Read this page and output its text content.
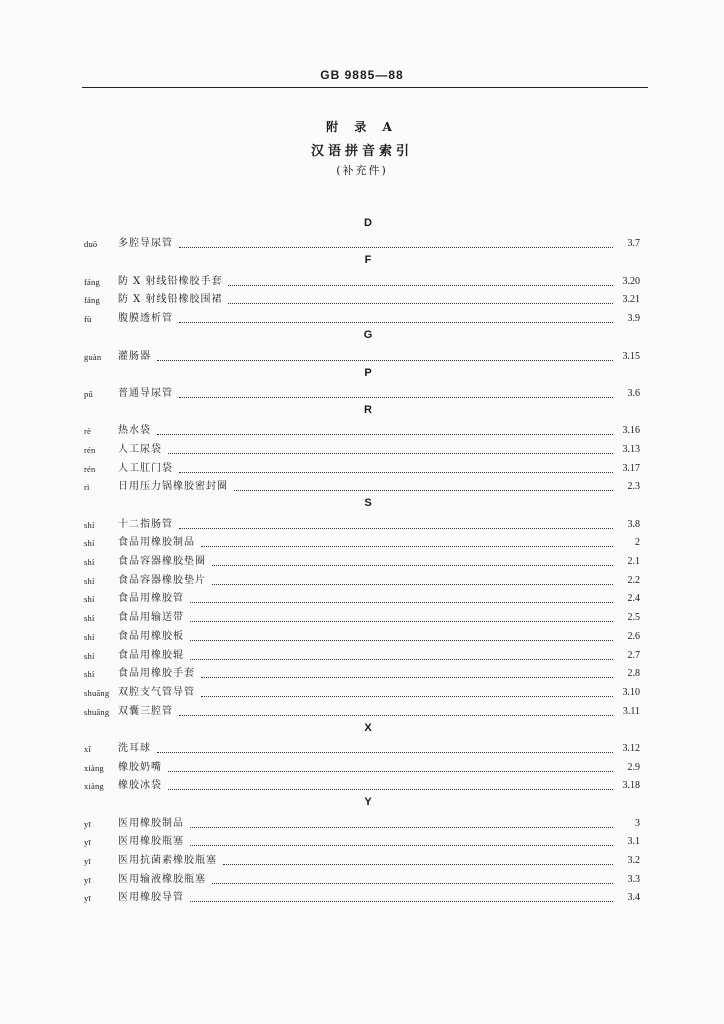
GB 9885—88
附 录 A
汉语拼音索引
(补充件)
D
duō	多腔导尿管	3.7
F
fáng	防 X 射线铅橡胶手套	3.20
fáng	防 X 射线铅橡胶围裙	3.21
fù	腹膜透析管	3.9
G
guàn	灌肠器	3.15
P
pǔ	普通导尿管	3.6
R
rè	热水袋	3.16
rén	人工尿袋	3.13
rén	人工肛门袋	3.17
rì	日用压力锅橡胶密封圈	2.3
S
shí	十二指肠管	3.8
shí	食品用橡胶制品	2
shí	食品容器橡胶垫圈	2.1
shí	食品容器橡胶垫片	2.2
shí	食品用橡胶管	2.4
shí	食品用输送带	2.5
shí	食品用橡胶板	2.6
shí	食品用橡胶辊	2.7
shí	食品用橡胶手套	2.8
shuāng 双腔支气管导管	3.10
shuāng 双囊三腔管	3.11
X
xǐ	洗耳球	3.12
xiàng	橡胶奶嘴	2.9
xiàng	橡胶冰袋	3.18
Y
yī	医用橡胶制品	3
yī	医用橡胶瓶塞	3.1
yī	医用抗菌素橡胶瓶塞	3.2
yī	医用输液橡胶瓶塞	3.3
yī	医用橡胶导管	3.4
